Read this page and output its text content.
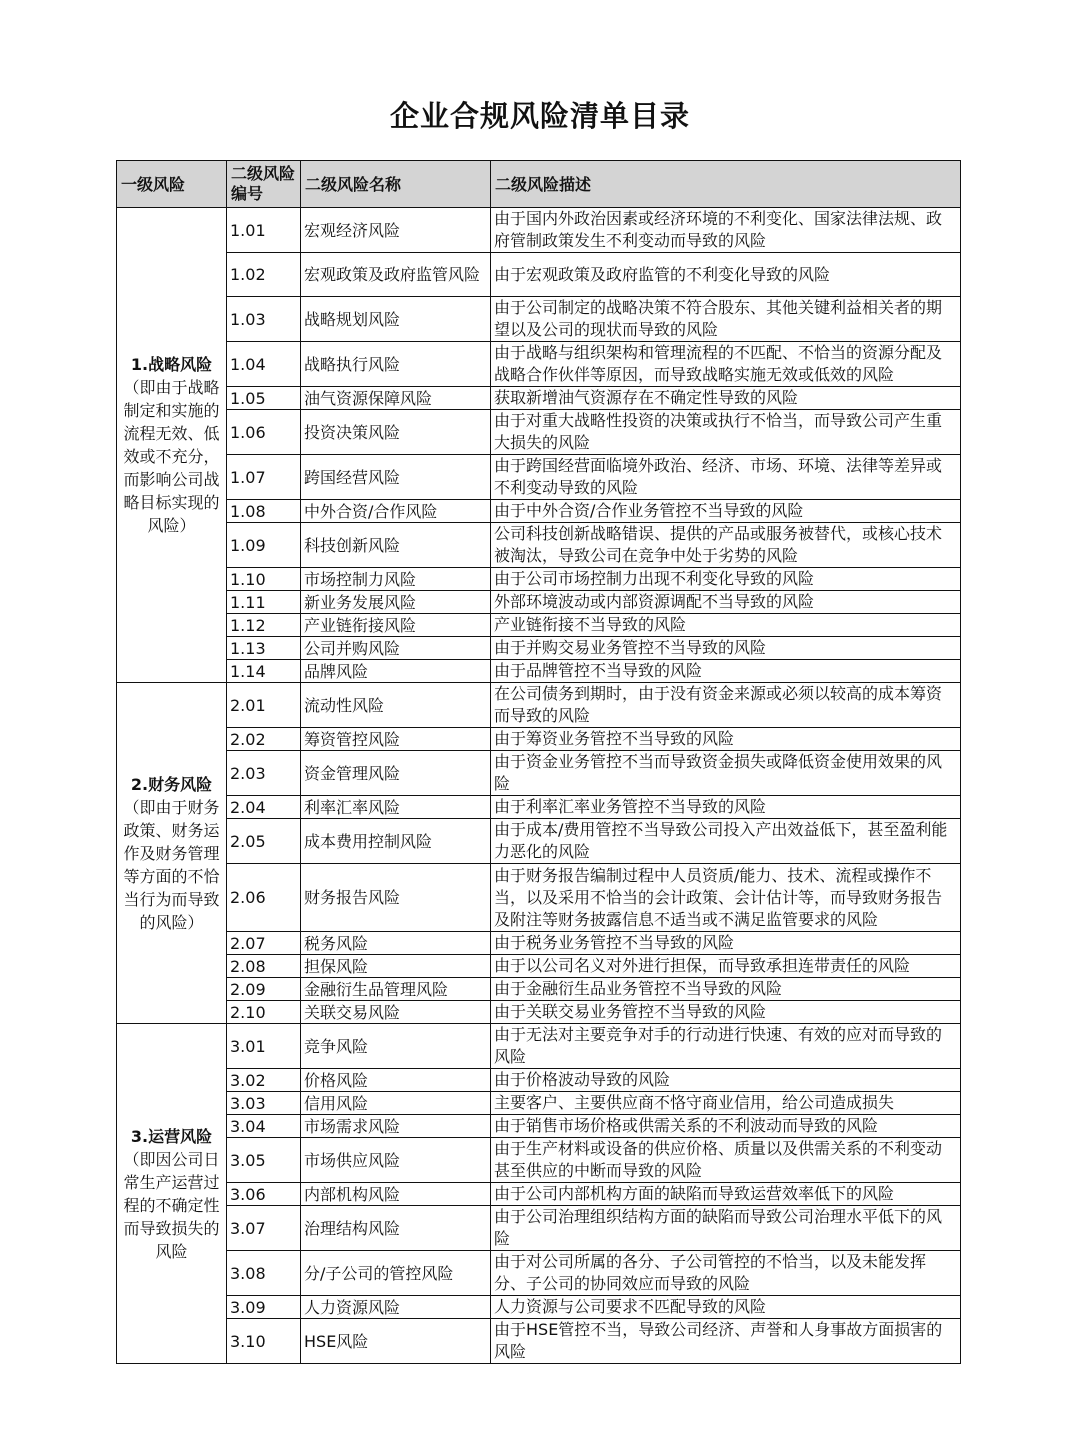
企业合规风险清单目录
一级风险	二级风险编号	二级风险名称	二级风险描述

1.战略风险
（即由于战略制定和实施的流程无效、低效或不充分，而影响公司战略目标实现的风险）	1.01	宏观经济风险	由于国内外政治因素或经济环境的不利变化、国家法律法规、政府管制政策发生不利变动而导致的风险
	1.02	宏观政策及政府监管风险	由于宏观政策及政府监管的不利变化导致的风险
	1.03	战略规划风险	由于公司制定的战略决策不符合股东、其他关键利益相关者的期望以及公司的现状而导致的风险
	1.04	战略执行风险	由于战略与组织架构和管理流程的不匹配、不恰当的资源分配及战略合作伙伴等原因，而导致战略实施无效或低效的风险
	1.05	油气资源保障风险	获取新增油气资源存在不确定性导致的风险
	1.06	投资决策风险	由于对重大战略性投资的决策或执行不恰当，而导致公司产生重大损失的风险
	1.07	跨国经营风险	由于跨国经营面临境外政治、经济、市场、环境、法律等差异或不利变动导致的风险
	1.08	中外合资/合作风险	由于中外合资/合作业务管控不当导致的风险
	1.09	科技创新风险	公司科技创新战略错误、提供的产品或服务被替代，或核心技术被淘汰，导致公司在竞争中处于劣势的风险
	1.10	市场控制力风险	由于公司市场控制力出现不利变化导致的风险
	1.11	新业务发展风险	外部环境波动或内部资源调配不当导致的风险
	1.12	产业链衔接风险	产业链衔接不当导致的风险
	1.13	公司并购风险	由于并购交易业务管控不当导致的风险
	1.14	品牌风险	由于品牌管控不当导致的风险

2.财务风险
（即由于财务政策、财务运作及财务管理等方面的不恰当行为而导致的风险）	2.01	流动性风险	在公司债务到期时，由于没有资金来源或必须以较高的成本筹资而导致的风险
	2.02	筹资管控风险	由于筹资业务管控不当导致的风险
	2.03	资金管理风险	由于资金业务管控不当而导致资金损失或降低资金使用效果的风险
	2.04	利率汇率风险	由于利率汇率业务管控不当导致的风险
	2.05	成本费用控制风险	由于成本/费用管控不当导致公司投入产出效益低下，甚至盈利能力恶化的风险
	2.06	财务报告风险	由于财务报告编制过程中人员资质/能力、技术、流程或操作不当，以及采用不恰当的会计政策、会计估计等，而导致财务报告及附注等财务披露信息不适当或不满足监管要求的风险
	2.07	税务风险	由于税务业务管控不当导致的风险
	2.08	担保风险	由于以公司名义对外进行担保，而导致承担连带责任的风险
	2.09	金融衍生品管理风险	由于金融衍生品业务管控不当导致的风险
	2.10	关联交易风险	由于关联交易业务管控不当导致的风险

3.运营风险
（即因公司日常生产运营过程的不确定性而导致损失的风险	3.01	竞争风险	由于无法对主要竞争对手的行动进行快速、有效的应对而导致的风险
	3.02	价格风险	由于价格波动导致的风险
	3.03	信用风险	主要客户、主要供应商不恪守商业信用，给公司造成损失
	3.04	市场需求风险	由于销售市场价格或供需关系的不利波动而导致的风险
	3.05	市场供应风险	由于生产材料或设备的供应价格、质量以及供需关系的不利变动甚至供应的中断而导致的风险
	3.06	内部机构风险	由于公司内部机构方面的缺陷而导致运营效率低下的风险
	3.07	治理结构风险	由于公司治理组织结构方面的缺陷而导致公司治理水平低下的风险
	3.08	分/子公司的管控风险	由于对公司所属的各分、子公司管控的不恰当，以及未能发挥分、子公司的协同效应而导致的风险
	3.09	人力资源风险	人力资源与公司要求不匹配导致的风险
	3.10	HSE风险	由于HSE管控不当，导致公司经济、声誉和人身事故方面损害的风险
